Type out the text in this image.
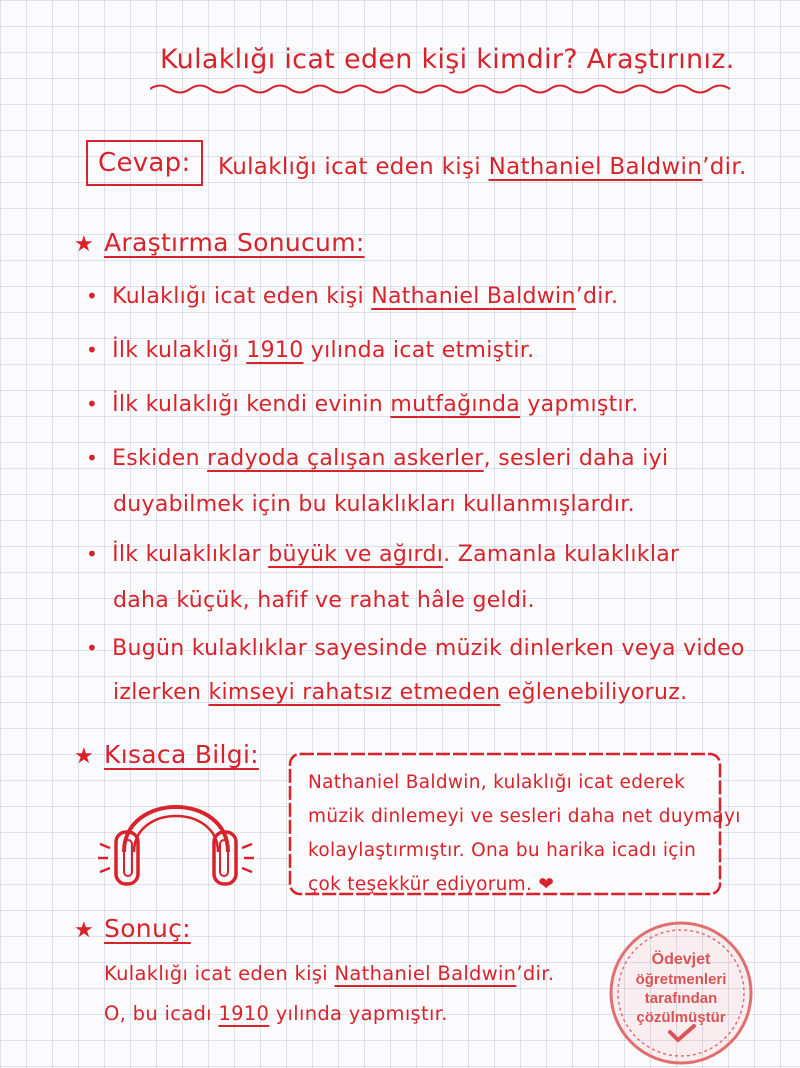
Kulaklığı icat eden kişi kimdir? Araştırınız.
Cevap:	Kulaklığı icat eden kişi Nathaniel Baldwin’dir.
★ Araştırma Sonucum:
• Kulaklığı icat eden kişi Nathaniel Baldwin’dir.
• İlk kulaklığı 1910 yılında icat etmiştir.
• İlk kulaklığı kendi evinin mutfağında yapmıştır.
• Eskiden radyoda çalışan askerler, sesleri daha iyi
duyabilmek için bu kulaklıkları kullanmışlardır.
• İlk kulaklıklar büyük ve ağırdı. Zamanla kulaklıklar
daha küçük, hafif ve rahat hâle geldi.
• Bugün kulaklıklar sayesinde müzik dinlerken veya video
izlerken kimseyi rahatsız etmeden eğlenebiliyoruz.
★ Kısaca Bilgi:
Nathaniel Baldwin, kulaklığı icat ederek
müzik dinlemeyi ve sesleri daha net duymayı
kolaylaştırmıştır. Ona bu harika icadı için
çok teşekkür ediyorum. ❤
★ Sonuç:
Kulaklığı icat eden kişi Nathaniel Baldwin’dir.
O, bu icadı 1910 yılında yapmıştır.
Ödevjet
öğretmenleri
tarafından
çözülmüştür
